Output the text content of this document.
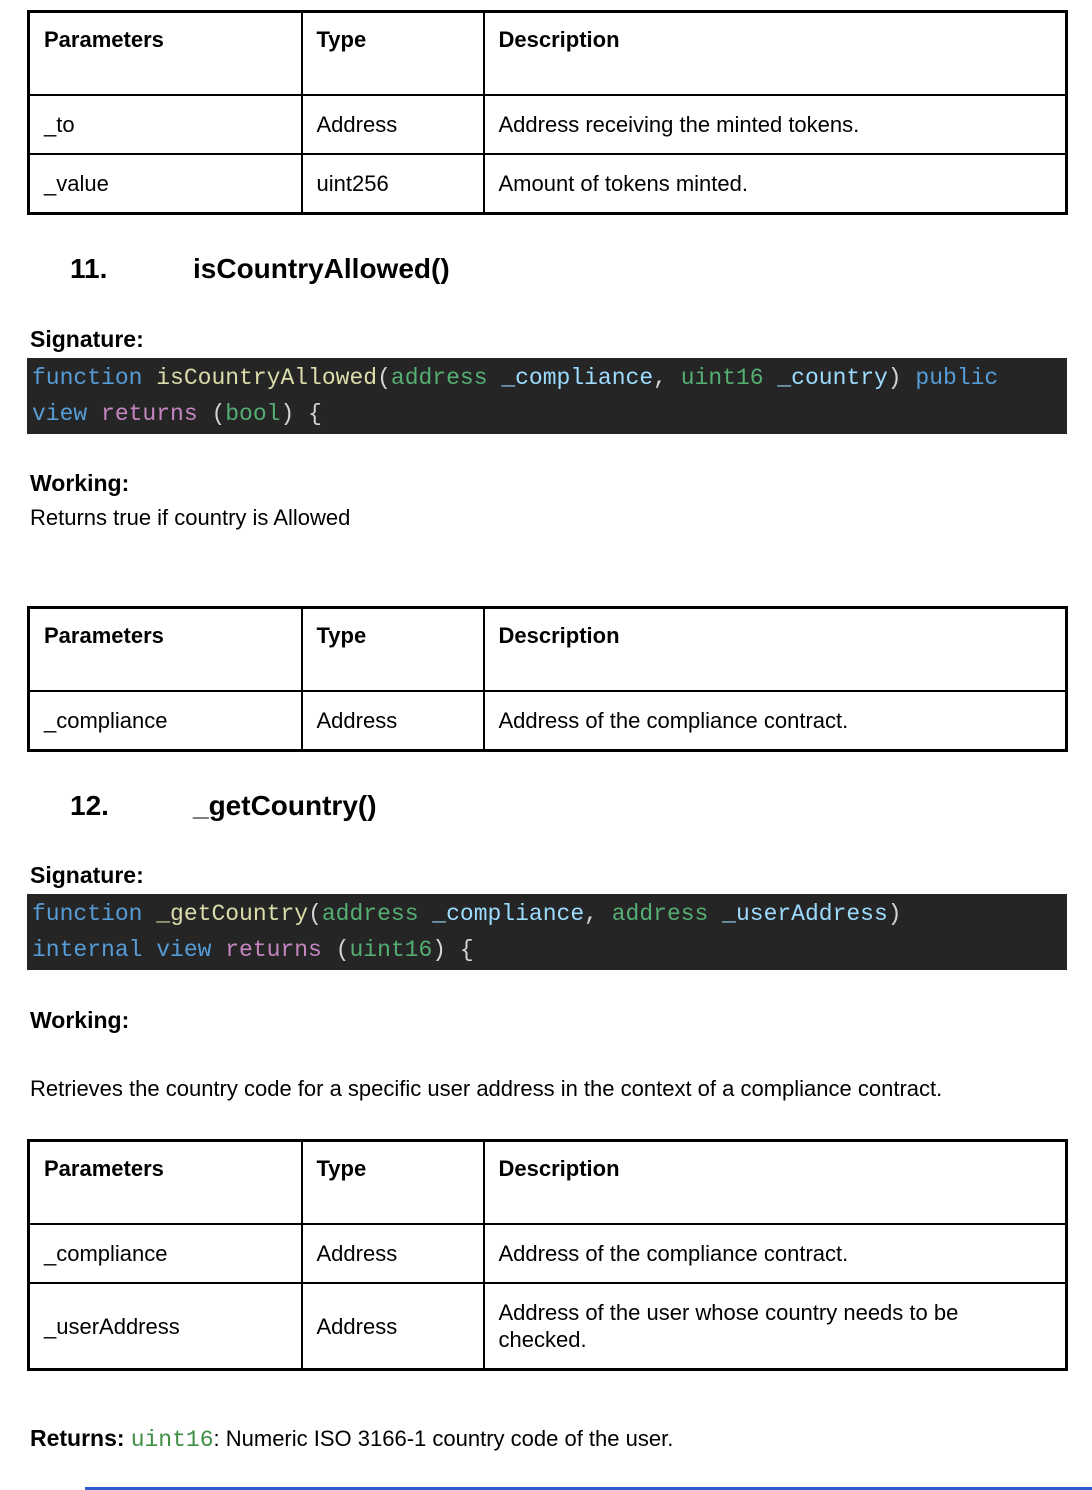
Parameters	Type	Description
_to	Address	Address receiving the minted tokens.
_value	uint256	Amount of tokens minted.
11.	isCountryAllowed()
Signature:
function isCountryAllowed(address _compliance, uint16 _country) public
view returns (bool) {
Working:
Returns true if country is Allowed
Parameters	Type	Description
_compliance	Address	Address of the compliance contract.
12.	_getCountry()
Signature:
function _getCountry(address _compliance, address _userAddress)
internal view returns (uint16) {
Working:
Retrieves the country code for a specific user address in the context of a compliance contract.
Parameters	Type	Description
_compliance	Address	Address of the compliance contract.
_userAddress	Address	Address of the user whose country needs to be checked.
Returns: uint16: Numeric ISO 3166-1 country code of the user.
